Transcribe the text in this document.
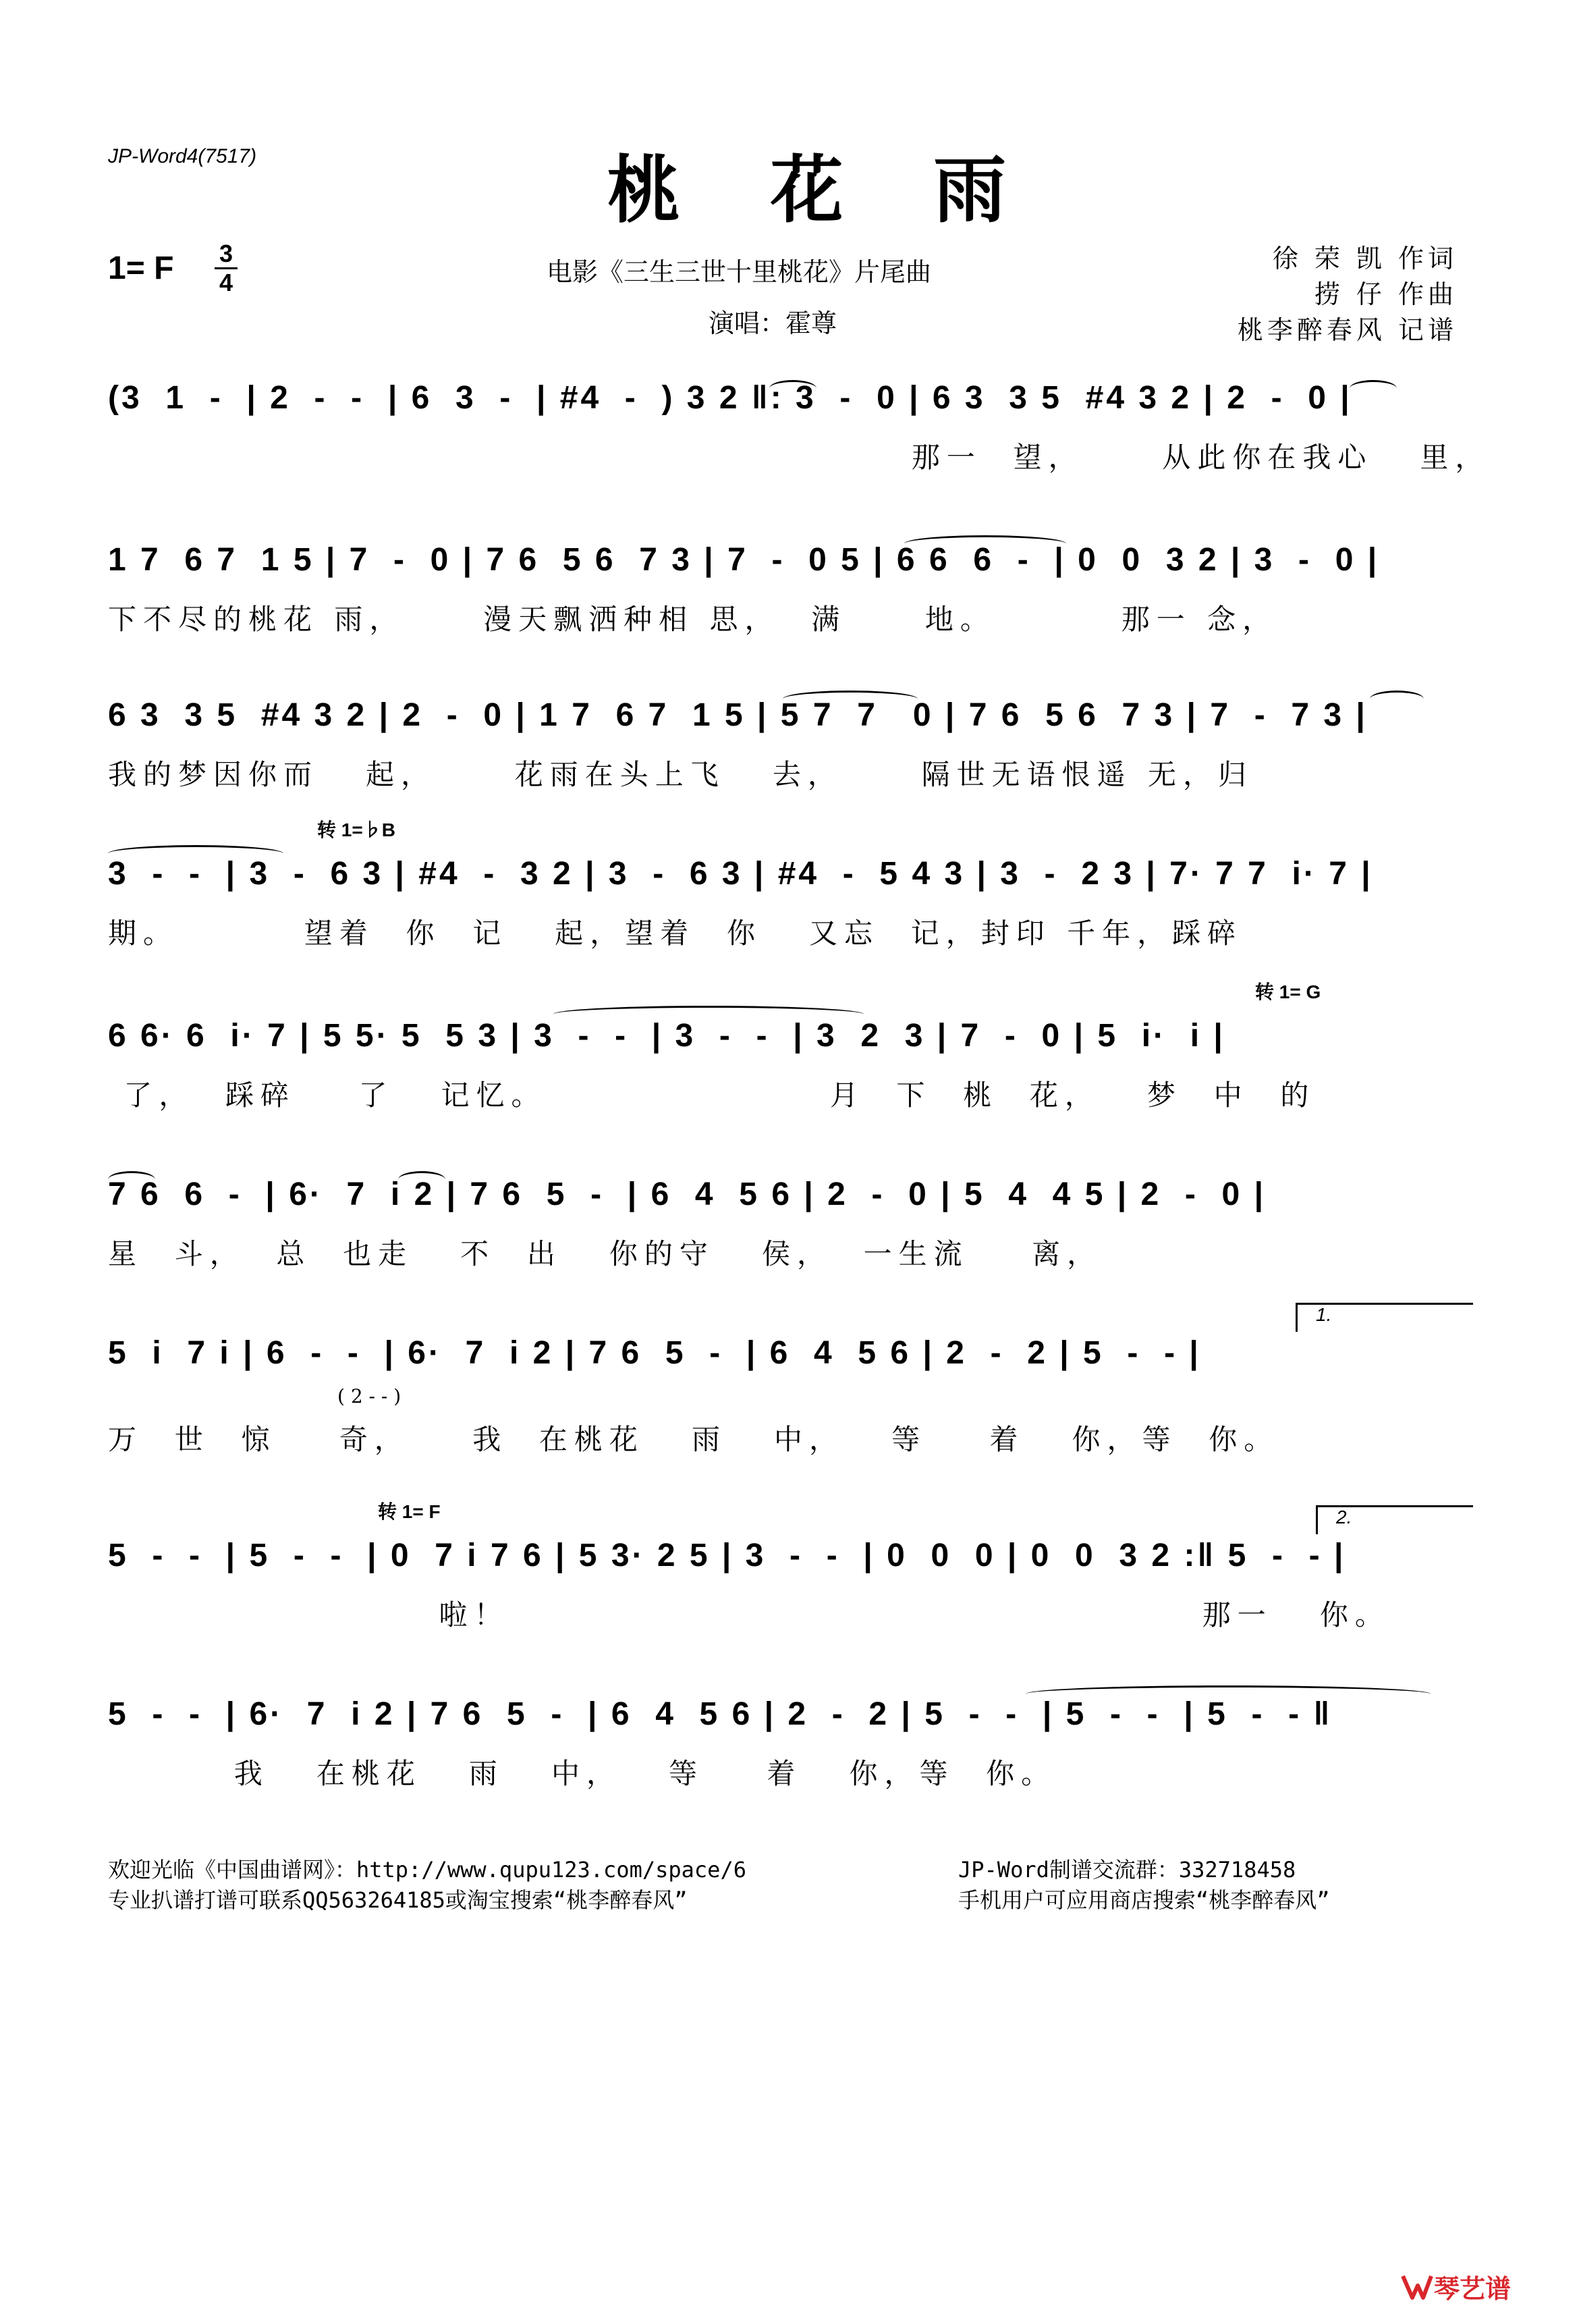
JP-Word4(7517)	桃 花 雨
1= F 3
4	电影《三生三世十里桃花》片尾曲
演唱：霍尊
徐 荣 凯 作词
捞 仔 作曲
桃李醉春风 记谱
(3  1  -  | 2  -  -  | 6  3  -  | #4  -  ) 3 2 ‖: 3  -  0 | 6 3  3 5  #4 3 2 | 2  -  0 |
那一  望，     从此你在我心   里，
1 7  6 7  1 5 | 7  -  0 | 7 6  5 6  7 3 | 7  -  0 5 | 6 6  6  -  | 0  0  3 2 | 3  -  0 |
下不尽的桃花 雨，     漫天飘洒种相 思，  满     地。        那一 念，
6 3  3 5  #4 3 2 | 2  -  0 | 1 7  6 7  1 5 | 5 7  7   0 | 7 6  5 6  7 3 | 7  -  7 3 |
我的梦因你而   起，     花雨在头上飞   去，     隔世无语恨遥 无，归
转 1=♭B
3  -  -  | 3  -  6 3 | #4  -  3 2 | 3  -  6 3 | #4  -  5 4 3 | 3  -  2 3 | 7· 7 7  i· 7 |
期。        望着  你  记   起，望着  你   又忘  记，封印 千年，踩碎
转 1= G
6 6· 6  i· 7 | 5 5· 5  5 3 | 3  -  -  | 3  -  -  | 3  2  3 | 7  -  0 | 5  i·  i |
了，  踩碎    了   记忆。                  月  下  桃  花，   梦  中  的
7 6  6  -  | 6·  7  i 2 | 7 6  5  -  | 6  4  5 6 | 2  -  0 | 5  4  4 5 | 2  -  0 |
星  斗，  总  也走   不  出   你的守   侯，  一生流    离，
1.
5  i  7 i | 6  -  -  | 6·  7  i 2 | 7 6  5  -  | 6  4  5 6 | 2  -  2 | 5  -  - |
( 2 - - )
万  世  惊    奇，    我  在桃花   雨   中，   等    着   你，等  你。
转 1= F	2.
5  -  -  | 5  -  -  | 0  7 i 7 6 | 5 3· 2 5 | 3  -  -  | 0  0  0 | 0  0  3 2 :‖ 5  -  - |
啦！                                            那一   你。
5  -  -  | 6·  7  i 2 | 7 6  5  -  | 6  4  5 6 | 2  -  2 | 5  -  -  | 5  -  -  | 5  -  - ‖
我   在桃花   雨   中，   等    着   你，等  你。
欢迎光临《中国曲谱网》：http://www.qupu123.com/space/6
专业扒谱打谱可联系QQ563264185或淘宝搜索“桃李醉春风”
JP-Word制谱交流群：332718458
手机用户可应用商店搜索“桃李醉春风”
琴艺谱
